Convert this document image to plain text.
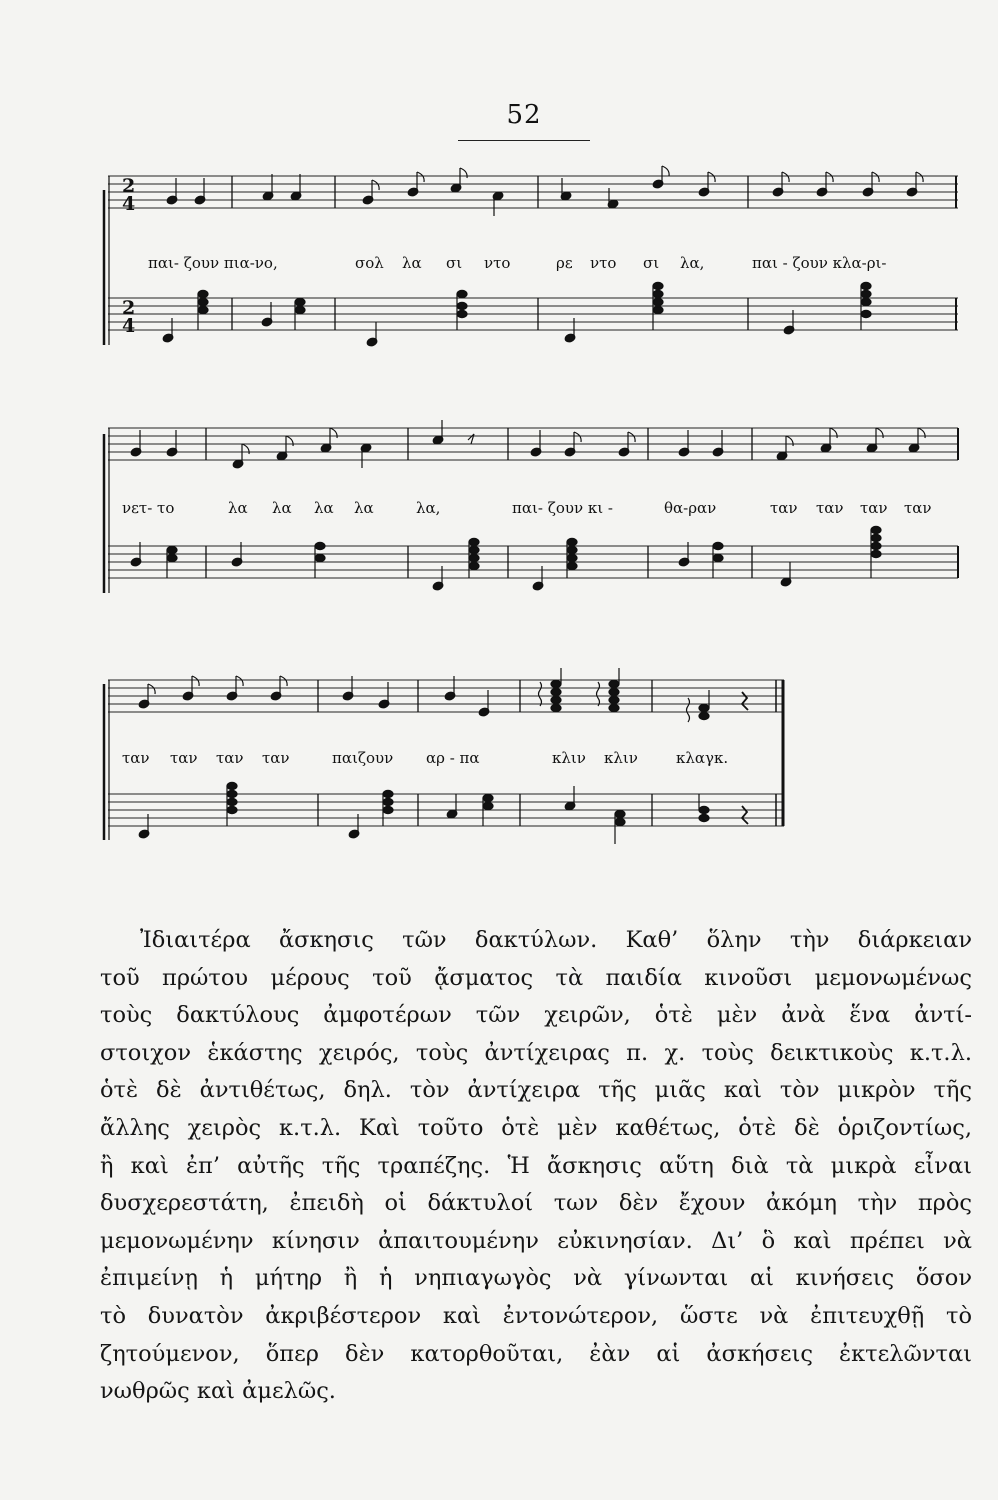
52
2
4
2
4
παι- ζουν πια-νο,	σολ λα σι ντο	ρε ντο σι λα,	παι - ζουν κλα-ρι-
νετ- το	λα λα λα λα	λα,	παι- ζουν κι -	θα-ραν	ταν ταν ταν ταν
ταν ταν ταν ταν	παιζουν αρ - πα	κλιν κλιν	κλαγκ.
Ἰδιαιτέρα ἄσκησις τῶν δακτύλων. Καθ’ ὅλην τὴν διάρκειαν
τοῦ πρώτου μέρους τοῦ ᾄσματος τὰ παιδία κινοῦσι μεμονωμένως
τοὺς δακτύλους ἀμφοτέρων τῶν χειρῶν, ὁτὲ μὲν ἀνὰ ἕνα ἀντί-
στοιχον ἑκάστης χειρός, τοὺς ἀντίχειρας π. χ. τοὺς δεικτικοὺς κ.τ.λ.
ὁτὲ δὲ ἀντιθέτως, δηλ. τὸν ἀντίχειρα τῆς μιᾶς καὶ τὸν μικρὸν τῆς
ἄλλης χειρὸς κ.τ.λ. Καὶ τοῦτο ὁτὲ μὲν καθέτως, ὁτὲ δὲ ὁριζοντίως,
ἢ καὶ ἐπ’ αὐτῆς τῆς τραπέζης. Ἡ ἄσκησις αὕτη διὰ τὰ μικρὰ εἶναι
δυσχερεστάτη, ἐπειδὴ οἱ δάκτυλοί των δὲν ἔχουν ἀκόμη τὴν πρὸς
μεμονωμένην κίνησιν ἀπαιτουμένην εὐκινησίαν. Δι’ ὃ καὶ πρέπει νὰ
ἐπιμείνῃ ἡ μήτηρ ἢ ἡ νηπιαγωγὸς νὰ γίνωνται αἱ κινήσεις ὅσον
τὸ δυνατὸν ἀκριβέστερον καὶ ἐντονώτερον, ὥστε νὰ ἐπιτευχθῇ τὸ
ζητούμενον, ὅπερ δὲν κατορθοῦται, ἐὰν αἱ ἀσκήσεις ἐκτελῶνται
νωθρῶς καὶ ἀμελῶς.
